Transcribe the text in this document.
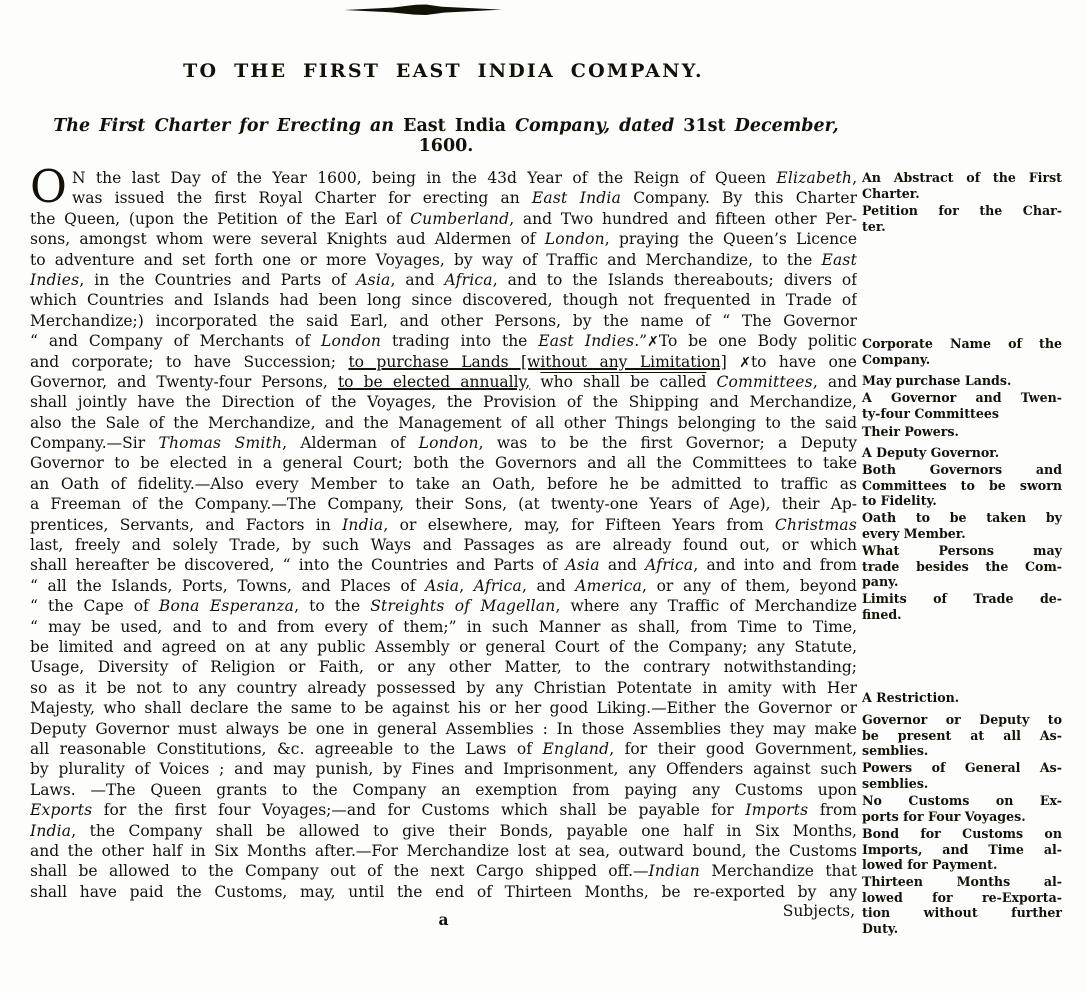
TO THE FIRST EAST INDIA COMPANY.
The First Charter for Erecting an East India Company, dated 31st December, 1600.
O N the last Day of the Year 1600, being in the 43d Year of the Reign of Queen Elizabeth,
was issued the first Royal Charter for erecting an East India Company. By this Charter
the Queen, (upon the Petition of the Earl of Cumberland, and Two hundred and fifteen other Per-
sons, amongst whom were several Knights aud Aldermen of London, praying the Queen’s Licence
to adventure and set forth one or more Voyages, by way of Traffic and Merchandize, to the East
Indies, in the Countries and Parts of Asia, and Africa, and to the Islands thereabouts; divers of
which Countries and Islands had been long since discovered, though not frequented in Trade of
Merchandize;) incorporated the said Earl, and other Persons, by the name of “ The Governor
“ and Company of Merchants of London trading into the East Indies.”✗To be one Body politic
and corporate; to have Succession; to purchase Lands [without any Limitation] ✗to have one
Governor, and Twenty-four Persons, to be elected annually, who shall be called Committees, and
shall jointly have the Direction of the Voyages, the Provision of the Shipping and Merchandize,
also the Sale of the Merchandize, and the Management of all other Things belonging to the said
Company.—Sir Thomas Smith, Alderman of London, was to be the first Governor; a Deputy
Governor to be elected in a general Court; both the Governors and all the Committees to take
an Oath of fidelity.—Also every Member to take an Oath, before he be admitted to traffic as
a Freeman of the Company.—The Company, their Sons, (at twenty-one Years of Age), their Ap-
prentices, Servants, and Factors in India, or elsewhere, may, for Fifteen Years from Christmas
last, freely and solely Trade, by such Ways and Passages as are already found out, or which
shall hereafter be discovered, “ into the Countries and Parts of Asia and Africa, and into and from
“ all the Islands, Ports, Towns, and Places of Asia, Africa, and America, or any of them, beyond
“ the Cape of Bona Esperanza, to the Streights of Magellan, where any Traffic of Merchandize
“ may be used, and to and from every of them;” in such Manner as shall, from Time to Time,
be limited and agreed on at any public Assembly or general Court of the Company; any Statute,
Usage, Diversity of Religion or Faith, or any other Matter, to the contrary notwithstanding;
so as it be not to any country already possessed by any Christian Potentate in amity with Her
Majesty, who shall declare the same to be against his or her good Liking.—Either the Governor or
Deputy Governor must always be one in general Assemblies : In those Assemblies they may make
all reasonable Constitutions, &c. agreeable to the Laws of England, for their good Government,
by plurality of Voices ; and may punish, by Fines and Imprisonment, any Offenders against such
Laws. —The Queen grants to the Company an exemption from paying any Customs upon
Exports for the first four Voyages;—and for Customs which shall be payable for Imports from
India, the Company shall be allowed to give their Bonds, payable one half in Six Months,
and the other half in Six Months after.—For Merchandize lost at sea, outward bound, the Customs
shall be allowed to the Company out of the next Cargo shipped off.—Indian Merchandize that
shall have paid the Customs, may, until the end of Thirteen Months, be re-exported by any
An Abstract of the First
Charter.
Petition for the Char-
ter.
Corporate Name of the
Company.
May purchase Lands.
A Governor and Twen-
ty-four Committees
Their Powers.
A Deputy Governor.
Both Governors and
Committees to be sworn
to Fidelity.
Oath to be taken by
every Member.
What Persons may
trade besides the Com-
pany.
Limits of Trade de-
fined.
A Restriction.
Governor or Deputy to
be present at all As-
semblies.
Powers of General As-
semblies.
No Customs on Ex-
ports for Four Voyages.
Bond for Customs on
Imports, and Time al-
lowed for Payment.
Thirteen Months al-
lowed for re-Exporta-
tion without further
Duty.
a	Subjects,
